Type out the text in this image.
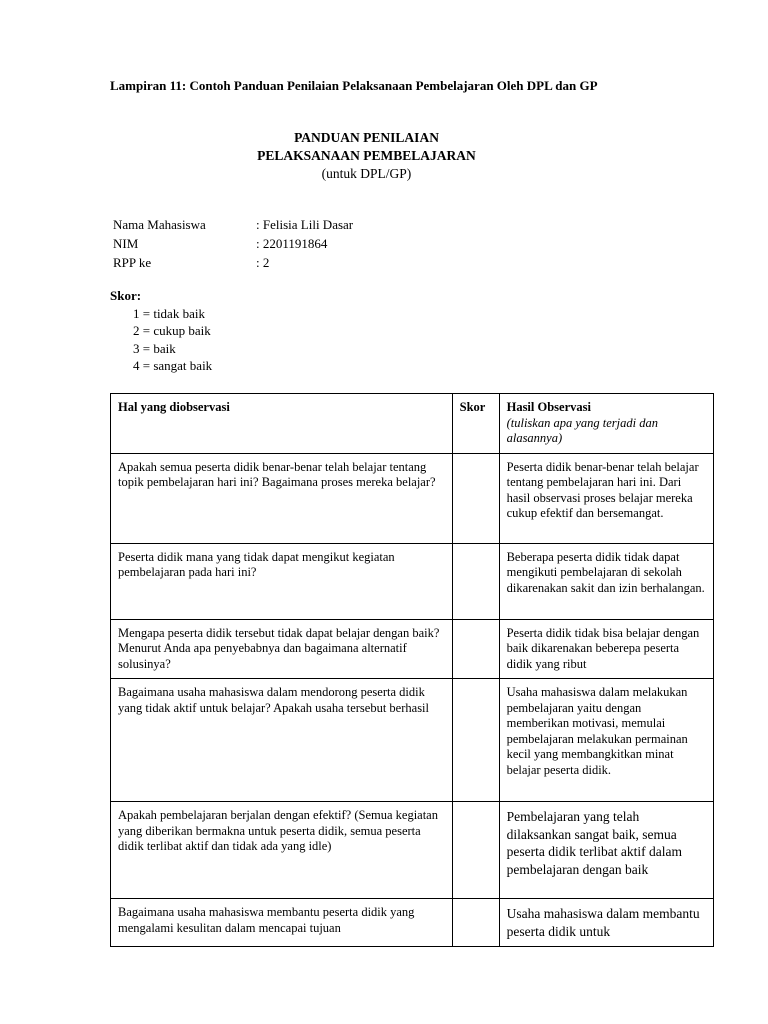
Lampiran 11: Contoh Panduan Penilaian Pelaksanaan Pembelajaran Oleh DPL dan GP
PANDUAN PENILAIAN
PELAKSANAAN PEMBELAJARAN
(untuk DPL/GP)
Nama Mahasiswa	: Felisia Lili Dasar
NIM	: 2201191864
RPP ke	: 2
Skor:
1 = tidak baik
2 = cukup baik
3 = baik
4 = sangat baik
Hal yang diobservasi	Skor	Hasil Observasi
(tuliskan apa yang terjadi dan alasannya)

Apakah semua peserta didik benar-benar telah belajar tentang topik pembelajaran hari ini? Bagaimana proses mereka belajar?		Peserta didik benar-benar telah belajar tentang pembelajaran hari ini. Dari hasil observasi proses belajar mereka cukup efektif dan bersemangat.
Peserta didik mana yang tidak dapat mengikut kegiatan pembelajaran pada hari ini?		Beberapa peserta didik tidak dapat mengikuti pembelajaran di sekolah dikarenakan sakit dan izin berhalangan.
Mengapa peserta didik tersebut tidak dapat belajar dengan baik? Menurut Anda apa penyebabnya dan bagaimana alternatif solusinya?		Peserta didik tidak bisa belajar dengan baik dikarenakan beberepa peserta didik yang ribut
Bagaimana usaha mahasiswa dalam mendorong peserta didik yang tidak aktif untuk belajar? Apakah usaha tersebut berhasil		Usaha mahasiswa dalam melakukan pembelajaran yaitu dengan memberikan motivasi, memulai pembelajaran melakukan permainan kecil yang membangkitkan minat belajar peserta didik.
Apakah pembelajaran berjalan dengan efektif? (Semua kegiatan yang diberikan bermakna untuk peserta didik, semua peserta didik terlibat aktif dan tidak ada yang idle)		Pembelajaran yang telah dilaksankan sangat baik, semua peserta didik terlibat aktif dalam pembelajaran dengan baik
Bagaimana usaha mahasiswa membantu peserta didik yang mengalami kesulitan dalam mencapai tujuan		Usaha mahasiswa dalam membantu peserta didik untuk
